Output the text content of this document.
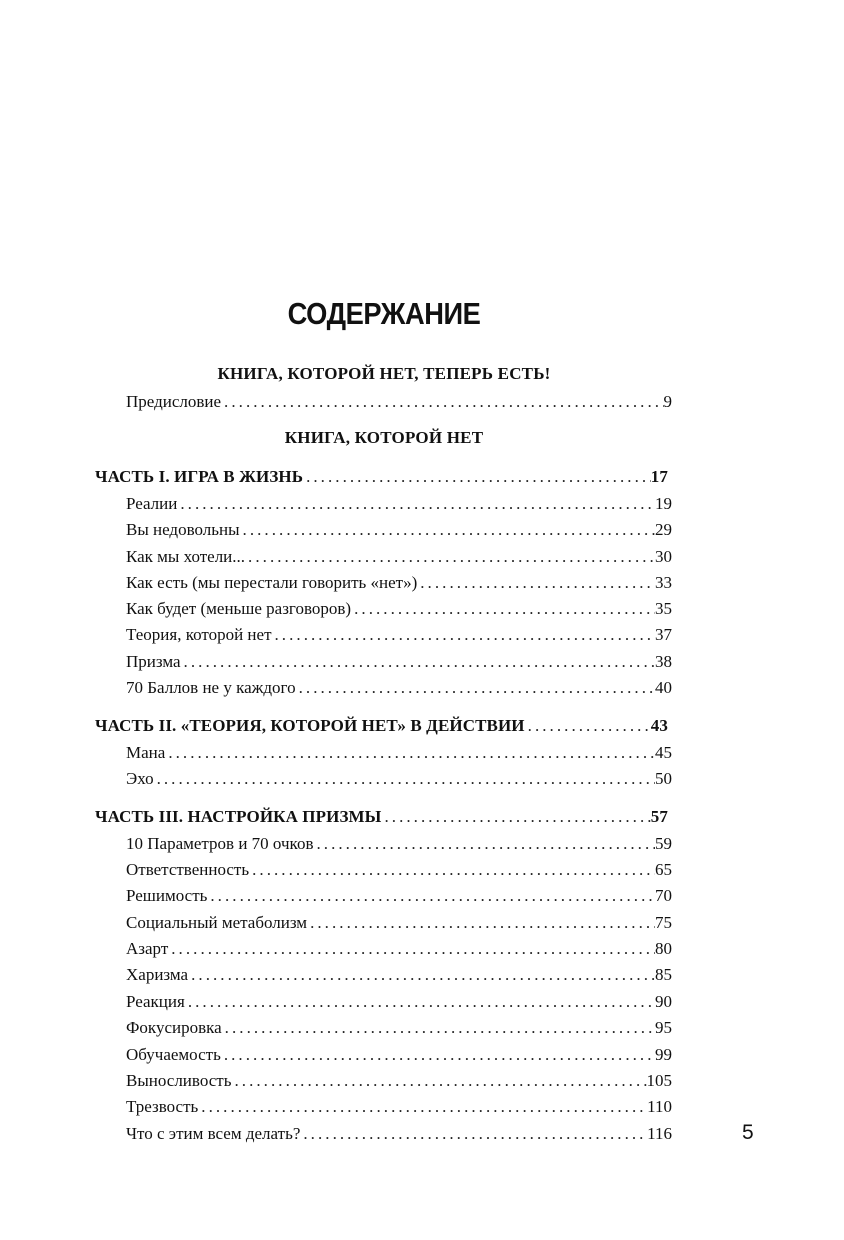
СОДЕРЖАНИЕ
КНИГА, КОТОРОЙ НЕТ, ТЕПЕРЬ ЕСТЬ!
Предисловие . . .	9
КНИГА, КОТОРОЙ НЕТ
ЧАСТЬ I. ИГРА В ЖИЗНЬ . . .	17
Реалии . . .	19
Вы недовольны . . .	29
Как мы хотели... . . .	30
Как есть (мы перестали говорить «нет») . . .	33
Как будет (меньше разговоров) . . .	35
Теория, которой нет . . .	37
Призма . . .	38
70 Баллов не у каждого . . .	40
ЧАСТЬ II. «ТЕОРИЯ, КОТОРОЙ НЕТ» В ДЕЙСТВИИ . . .	43
Мана . . .	45
Эхо . . .	50
ЧАСТЬ III. НАСТРОЙКА ПРИЗМЫ . . .	57
10 Параметров и 70 очков . . .	59
Ответственность . . .	65
Решимость . . .	70
Социальный метаболизм . . .	75
Азарт . . .	80
Харизма . . .	85
Реакция . . .	90
Фокусировка . . .	95
Обучаемость . . .	99
Выносливость . . .	105
Трезвость . . .	110
Что с этим всем делать? . . .	116	5
